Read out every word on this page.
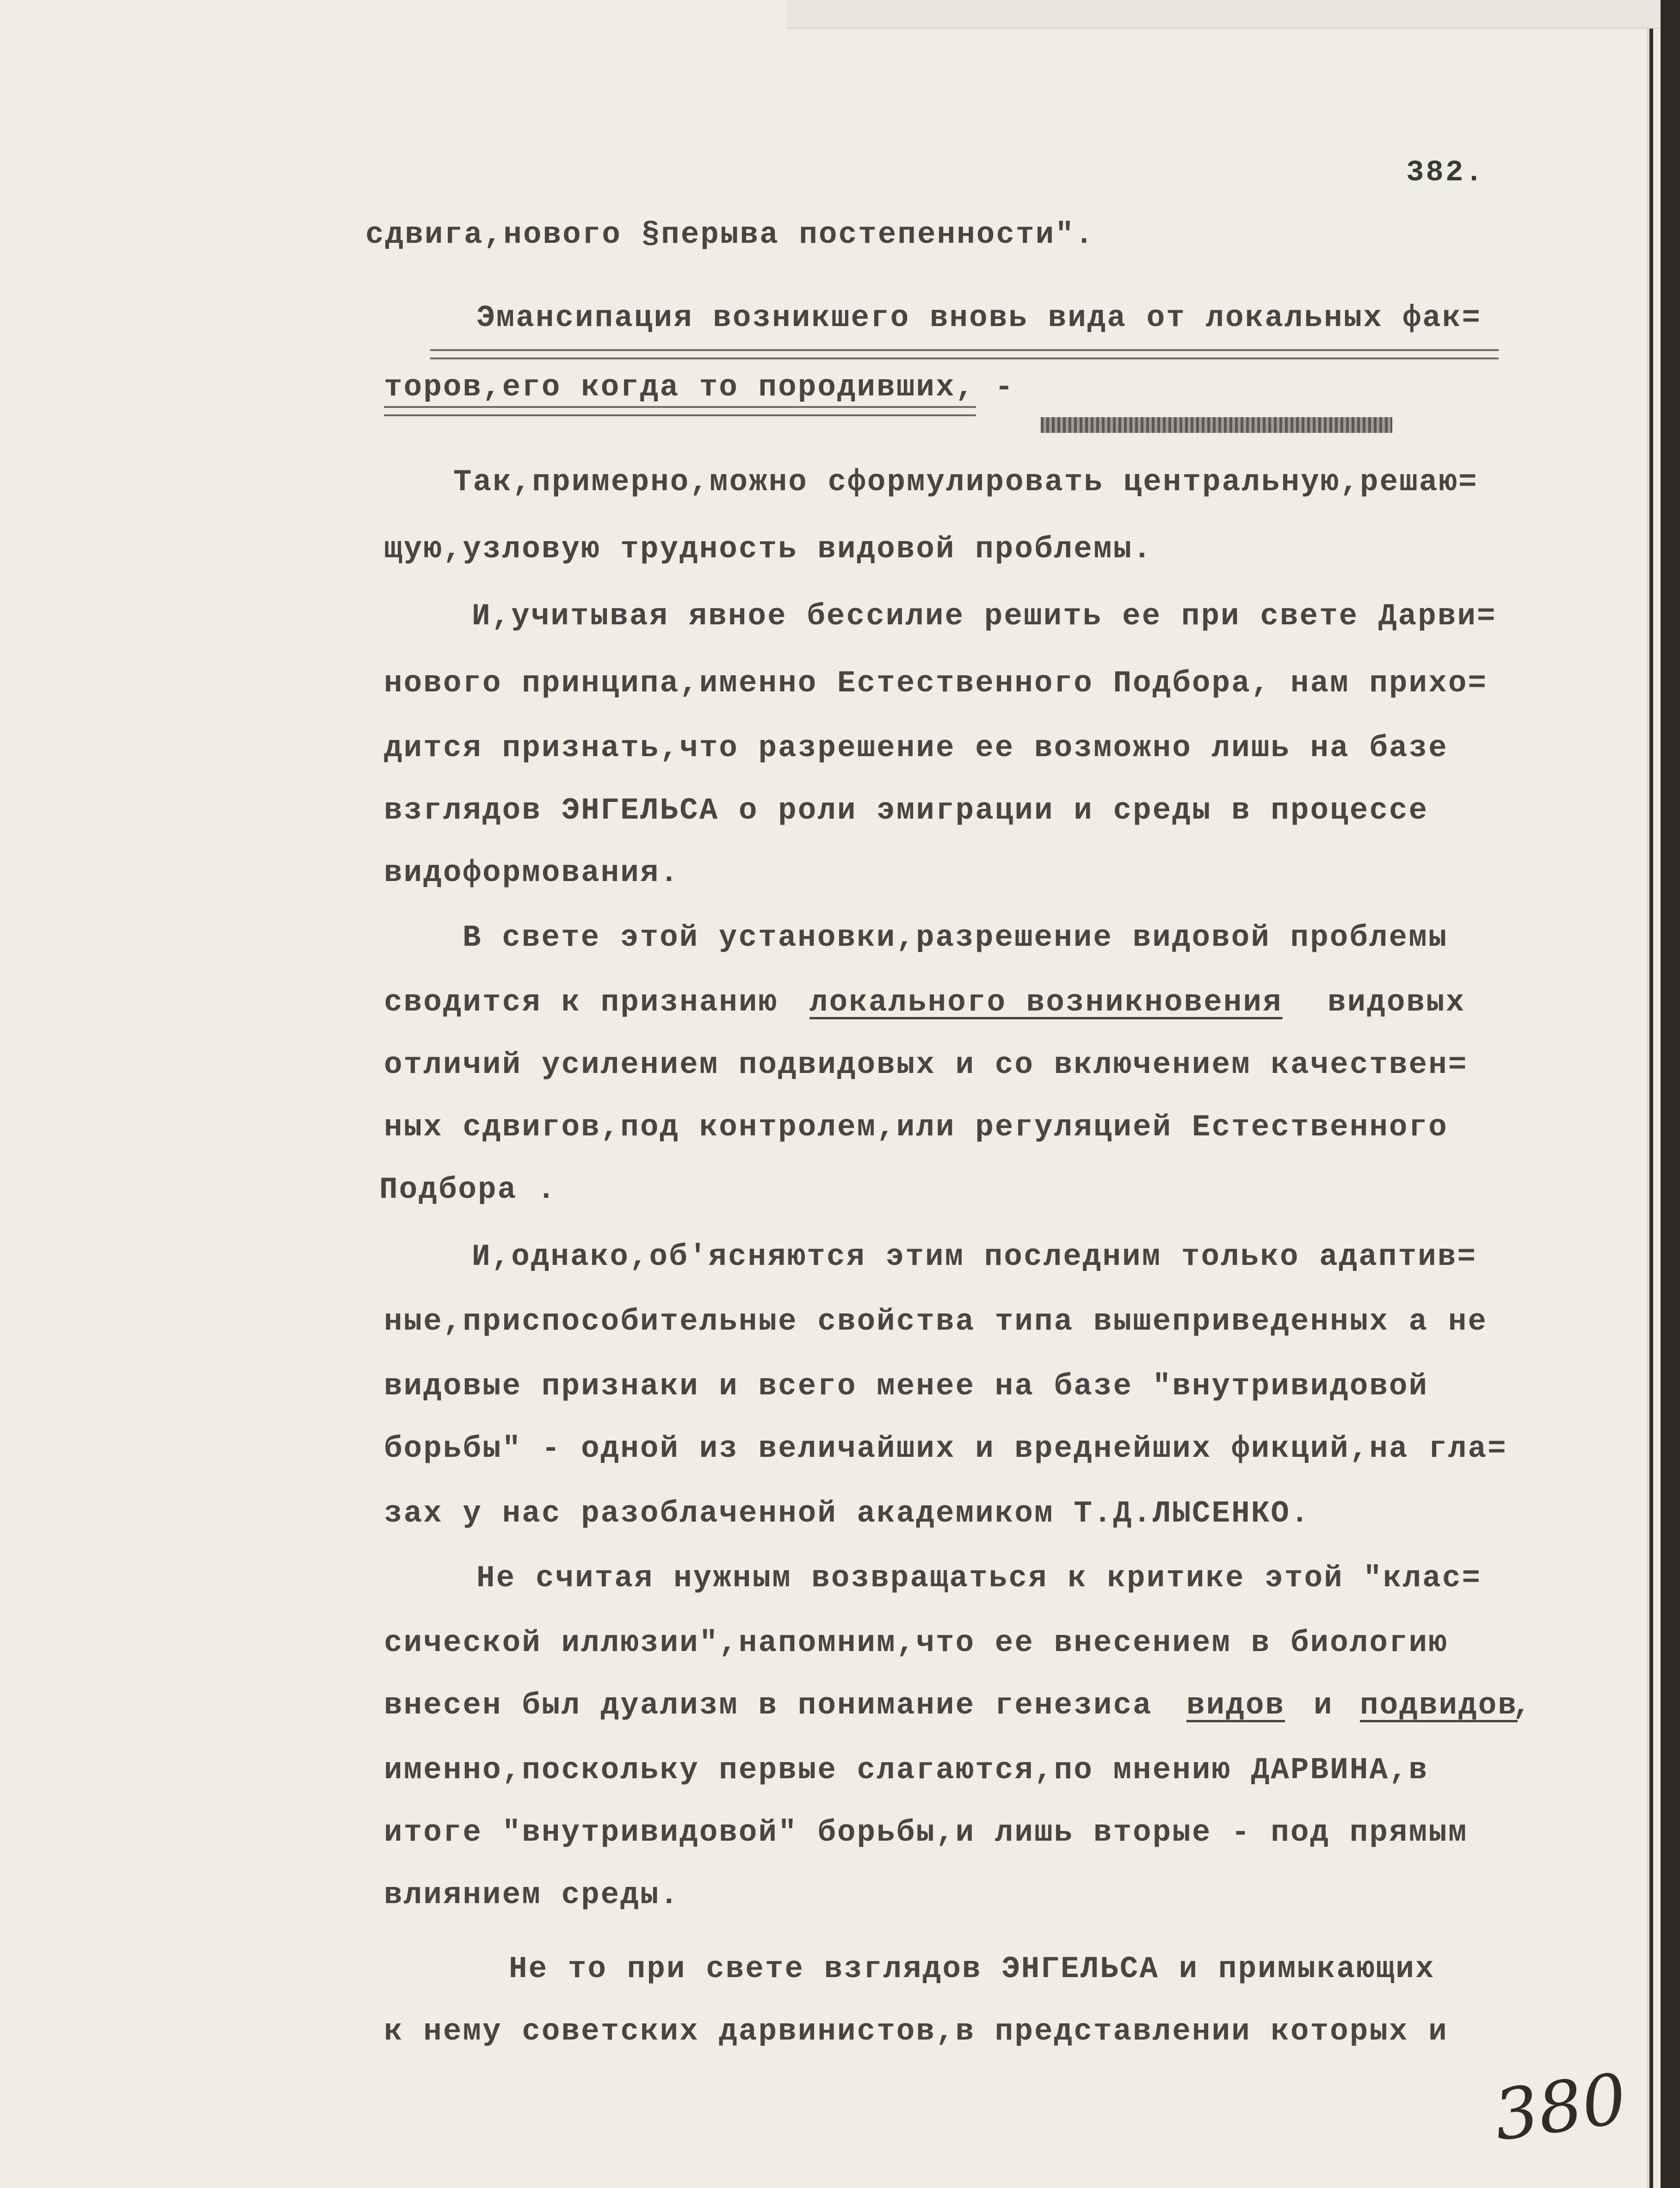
382.
сдвига,нового §перыва постепенности".
Эмансипация возникшего вновь вида от локальных фак=
торов,его когда то породивших, -
Так,примерно,можно сформулировать центральную,решаю=
щую,узловую трудность видовой проблемы.
И,учитывая явное бессилие решить ее при свете Дарви=
нового принципа,именно Естественного Подбора, нам прихо=
дится признать,что разрешение ее возможно лишь на базе
взглядов ЭНГЕЛЬСА о роли эмиграции и среды в процессе
видоформования.
В свете этой установки,разрешение видовой проблемы
сводится к признанию локального возникновения видовых
отличий усилением подвидовых и со включением качествен=
ных сдвигов,под контролем,или регуляцией Естественного
Подбора .
И,однако,об'ясняются этим последним только адаптив=
ные,приспособительные свойства типа вышеприведенных а не
видовые признаки и всего менее на базе "внутривидовой
борьбы" - одной из величайших и вреднейших фикций,на гла=
зах у нас разоблаченной академиком Т.Д.ЛЫСЕНКО.
Не считая нужным возвращаться к критике этой "клас=
сической иллюзии",напомним,что ее внесением в биологию
внесен был дуализм в понимание генезиса видов и подвидов
,
именно,поскольку первые слагаются,по мнению ДАРВИНА,в
итоге "внутривидовой" борьбы,и лишь вторые - под прямым
влиянием среды.
Не то при свете взглядов ЭНГЕЛЬСА и примыкающих
к нему советских дарвинистов,в представлении которых и
380
